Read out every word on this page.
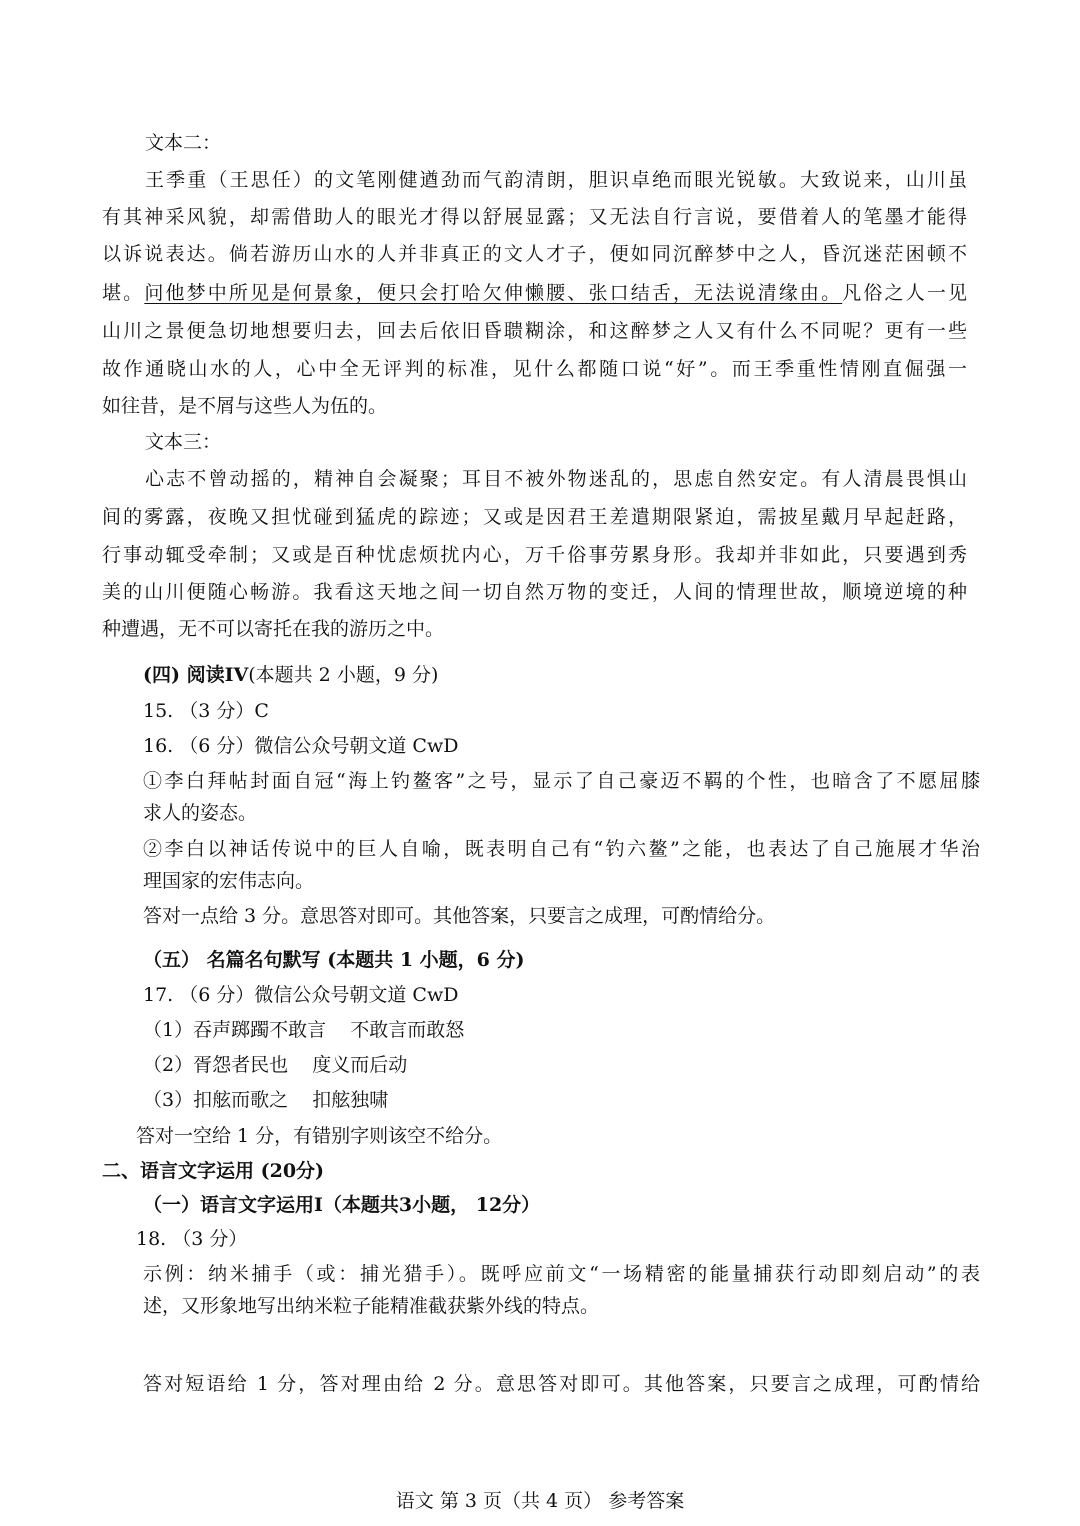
文本二：
王季重（王思任）的文笔刚健遒劲而气韵清朗，胆识卓绝而眼光锐敏。大致说来，山川虽
有其神采风貌，却需借助人的眼光才得以舒展显露；又无法自行言说，要借着人的笔墨才能得
以诉说表达。倘若游历山水的人并非真正的文人才子，便如同沉醉梦中之人，昏沉迷茫困顿不
堪。问他梦中所见是何景象，便只会打哈欠伸懒腰、张口结舌，无法说清缘由。凡俗之人一见
山川之景便急切地想要归去，回去后依旧昏聩糊涂，和这醉梦之人又有什么不同呢？更有一些
故作通晓山水的人，心中全无评判的标准，见什么都随口说“好”。而王季重性情刚直倔强一
如往昔，是不屑与这些人为伍的。
文本三：
心志不曾动摇的，精神自会凝聚；耳目不被外物迷乱的，思虑自然安定。有人清晨畏惧山
间的雾露，夜晚又担忧碰到猛虎的踪迹；又或是因君王差遣期限紧迫，需披星戴月早起赶路，
行事动辄受牵制；又或是百种忧虑烦扰内心，万千俗事劳累身形。我却并非如此，只要遇到秀
美的山川便随心畅游。我看这天地之间一切自然万物的变迁，人间的情理世故，顺境逆境的种
种遭遇，无不可以寄托在我的游历之中。
(四) 阅读IV(本题共 2 小题，9 分)
15. （3 分）C
16. （6 分）微信公众号朝文道 CwD
①李白拜帖封面自冠“海上钓鳌客”之号，显示了自己豪迈不羁的个性，也暗含了不愿屈膝
求人的姿态。
②李白以神话传说中的巨人自喻，既表明自己有“钓六鳌”之能，也表达了自己施展才华治
理国家的宏伟志向。
答对一点给 3 分。意思答对即可。其他答案，只要言之成理，可酌情给分。
（五） 名篇名句默写 (本题共 1 小题，6 分)
17. （6 分）微信公众号朝文道 CwD
（1）吞声踯躅不敢言    不敢言而敢怒
（2）胥怨者民也    度义而后动
（3）扣舷而歌之    扣舷独啸
答对一空给 1 分，有错别字则该空不给分。
二、语言文字运用 (20分)
（一）语言文字运用I（本题共3小题， 12分）
18. （3 分）
示例：纳米捕手（或：捕光猎手）。既呼应前文“一场精密的能量捕获行动即刻启动”的表
述，又形象地写出纳米粒子能精准截获紫外线的特点。
答对短语给 1 分，答对理由给 2 分。意思答对即可。其他答案，只要言之成理，可酌情给
语文 第 3 页（共 4 页） 参考答案
